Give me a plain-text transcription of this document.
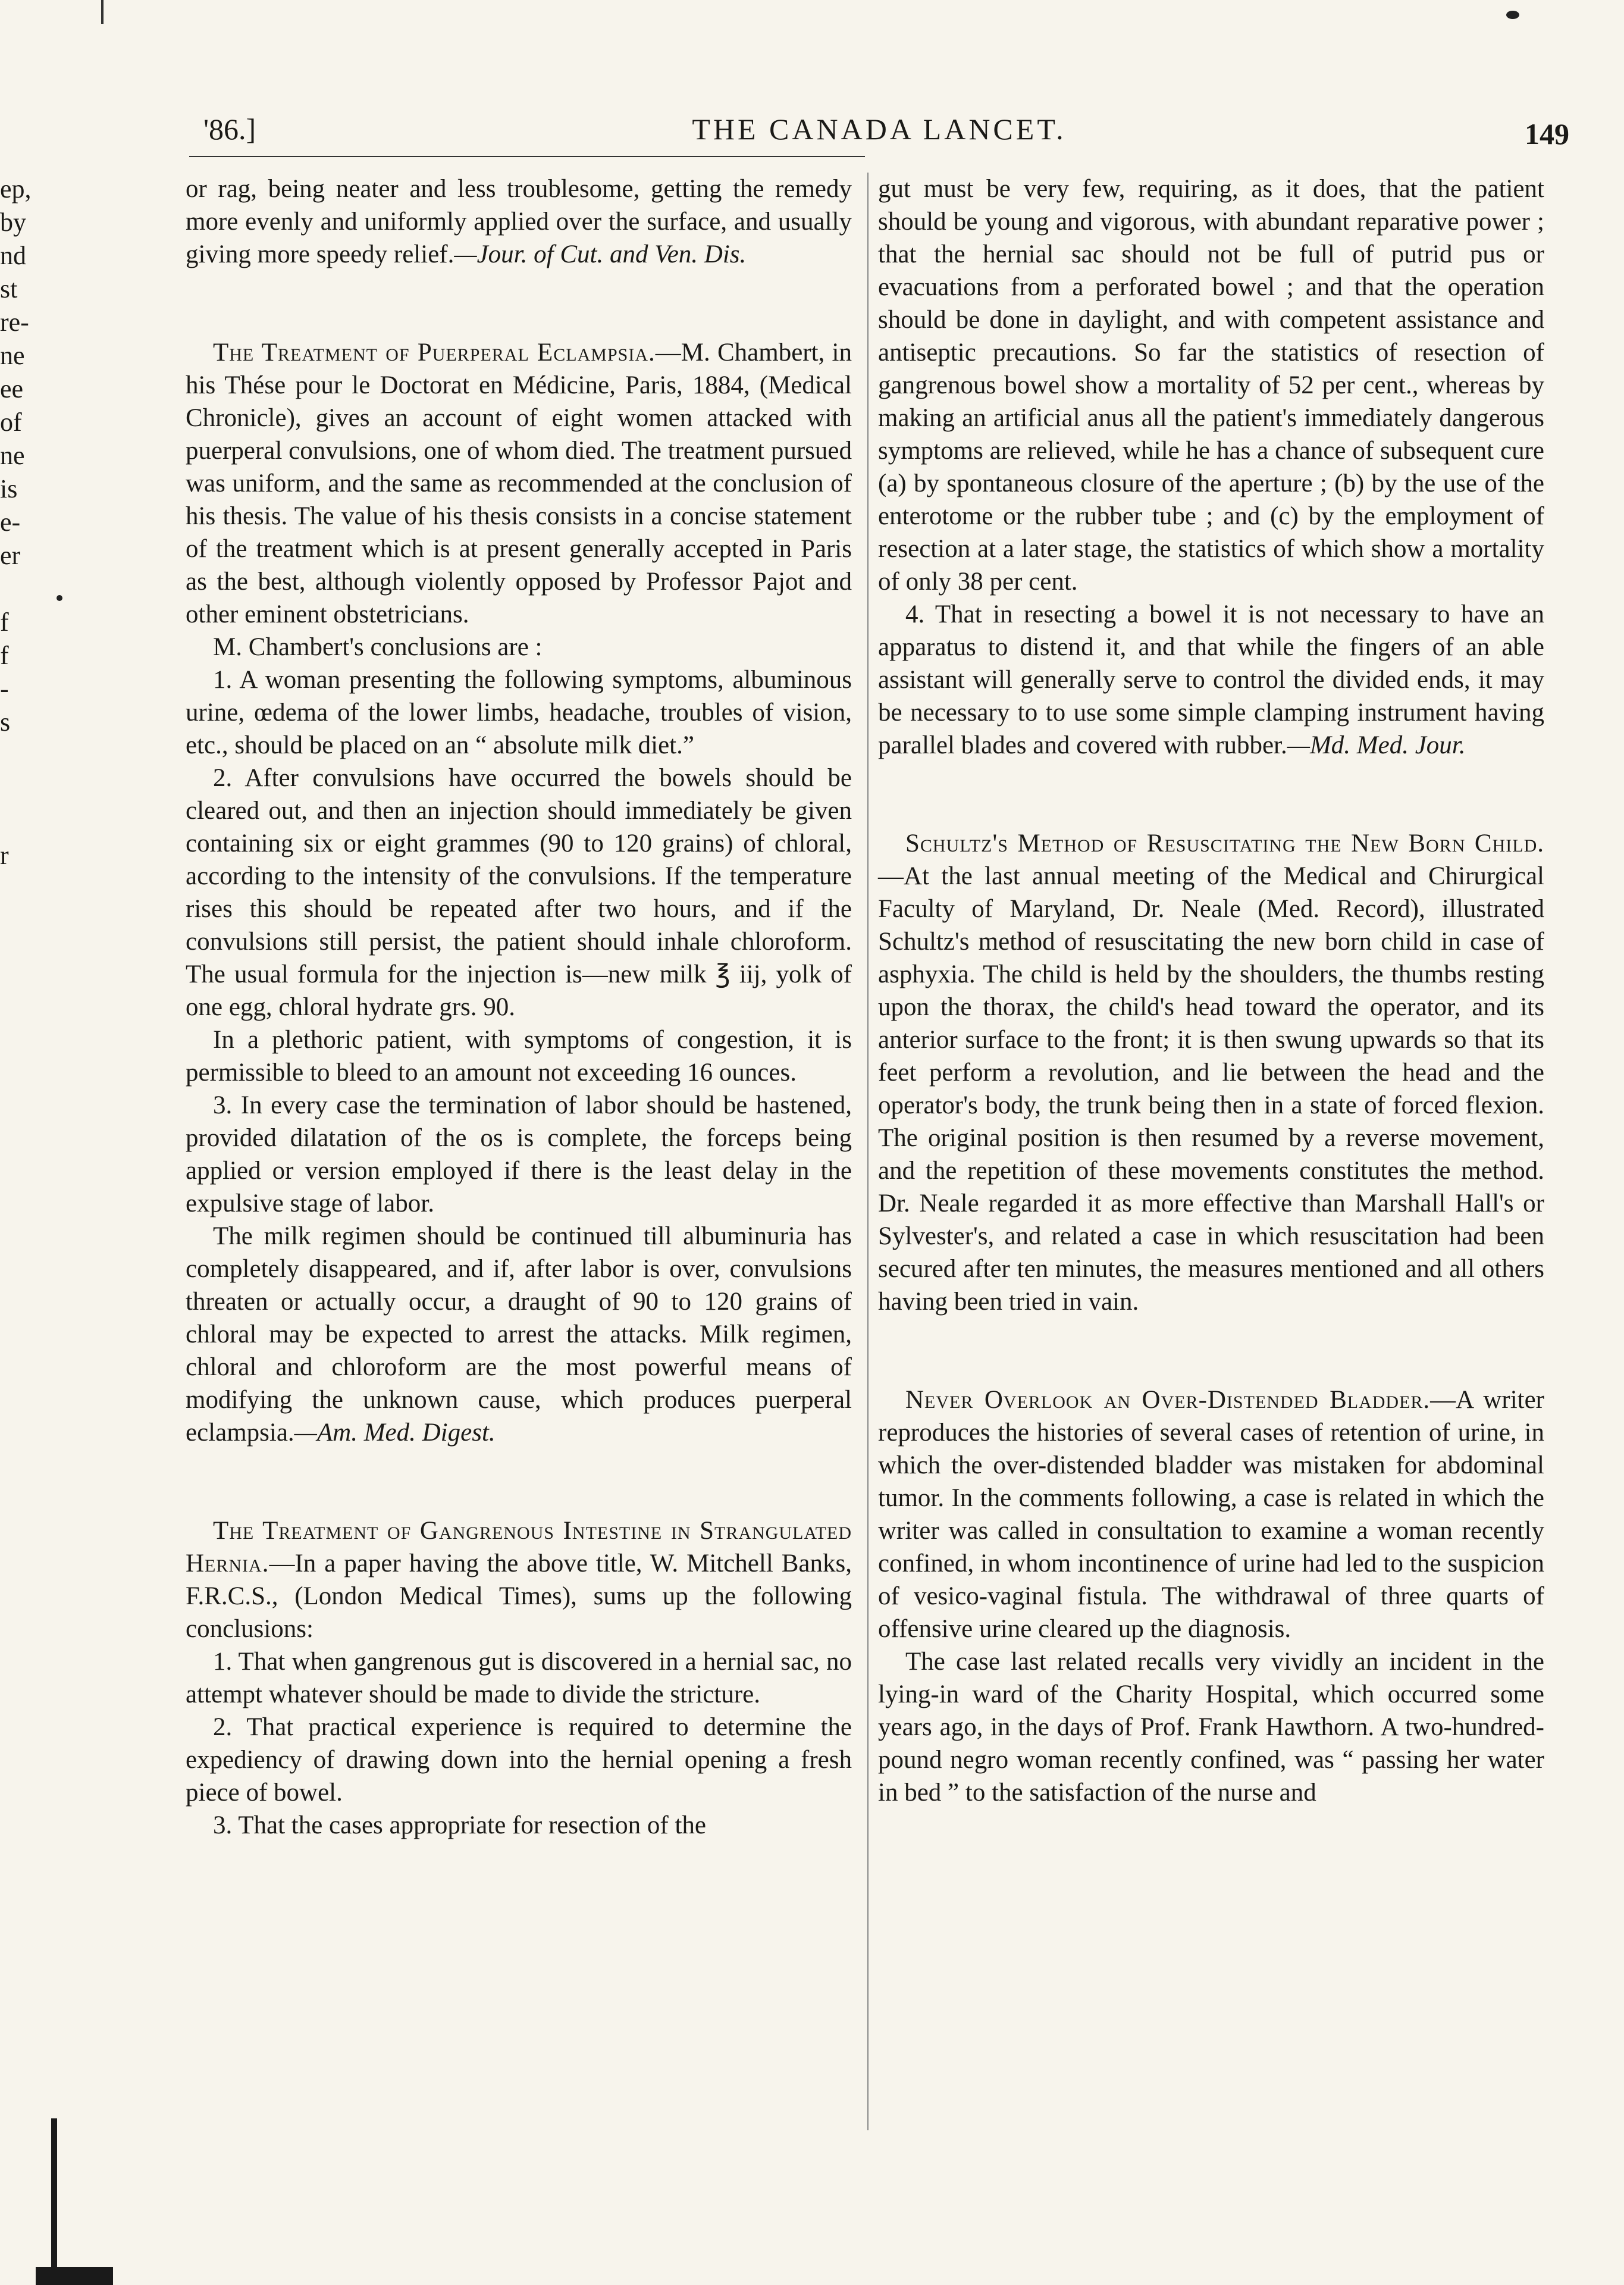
ep,
by
nd
st
re-
ne
ee
of
ne
is
e-
er
f
f
-
s
r
'86.]	THE CANADA LANCET.	149

or rag, being neater and less troublesome, getting the remedy more evenly and uniformly applied over the surface, and usually giving more speedy relief.—Jour. of Cut. and Ven. Dis.

The Treatment of Puerperal Eclampsia.—M. Chambert, in his Thése pour le Doctorat en Médicine, Paris, 1884, (Medical Chronicle), gives an account of eight women attacked with puerperal convulsions, one of whom died. The treatment pursued was uniform, and the same as recommended at the conclusion of his thesis. The value of his thesis consists in a concise statement of the treatment which is at present generally accepted in Paris as the best, although violently opposed by Professor Pajot and other eminent obstetricians.

M. Chambert's conclusions are :

1. A woman presenting the following symptoms, albuminous urine, œdema of the lower limbs, headache, troubles of vision, etc., should be placed on an “ absolute milk diet.”

2. After convulsions have occurred the bowels should be cleared out, and then an injection should immediately be given containing six or eight grammes (90 to 120 grains) of chloral, according to the intensity of the convulsions. If the temperature rises this should be repeated after two hours, and if the convulsions still persist, the patient should inhale chloroform. The usual formula for the injection is—new milk ℥ iij, yolk of one egg, chloral hydrate grs. 90.

In a plethoric patient, with symptoms of congestion, it is permissible to bleed to an amount not exceeding 16 ounces.

3. In every case the termination of labor should be hastened, provided dilatation of the os is complete, the forceps being applied or version employed if there is the least delay in the expulsive stage of labor.

The milk regimen should be continued till albuminuria has completely disappeared, and if, after labor is over, convulsions threaten or actually occur, a draught of 90 to 120 grains of chloral may be expected to arrest the attacks. Milk regimen, chloral and chloroform are the most powerful means of modifying the unknown cause, which produces puerperal eclampsia.—Am. Med. Digest.

The Treatment of Gangrenous Intestine in Strangulated Hernia.—In a paper having the above title, W. Mitchell Banks, F.R.C.S., (London Medical Times), sums up the following conclusions:

1. That when gangrenous gut is discovered in a hernial sac, no attempt whatever should be made to divide the stricture.

2. That practical experience is required to determine the expediency of drawing down into the hernial opening a fresh piece of bowel.

3. That the cases appropriate for resection of the

gut must be very few, requiring, as it does, that the patient should be young and vigorous, with abundant reparative power ; that the hernial sac should not be full of putrid pus or evacuations from a perforated bowel ; and that the operation should be done in daylight, and with competent assistance and antiseptic precautions. So far the statistics of resection of gangrenous bowel show a mortality of 52 per cent., whereas by making an artificial anus all the patient's immediately dangerous symptoms are relieved, while he has a chance of subsequent cure (a) by spontaneous closure of the aperture ; (b) by the use of the enterotome or the rubber tube ; and (c) by the employment of resection at a later stage, the statistics of which show a mortality of only 38 per cent.

4. That in resecting a bowel it is not necessary to have an apparatus to distend it, and that while the fingers of an able assistant will generally serve to control the divided ends, it may be necessary to to use some simple clamping instrument having parallel blades and covered with rubber.—Md. Med. Jour.

Schultz's Method of Resuscitating the New Born Child.—At the last annual meeting of the Medical and Chirurgical Faculty of Maryland, Dr. Neale (Med. Record), illustrated Schultz's method of resuscitating the new born child in case of asphyxia. The child is held by the shoulders, the thumbs resting upon the thorax, the child's head toward the operator, and its anterior surface to the front; it is then swung upwards so that its feet perform a revolution, and lie between the head and the operator's body, the trunk being then in a state of forced flexion. The original position is then resumed by a reverse movement, and the repetition of these movements constitutes the method. Dr. Neale regarded it as more effective than Marshall Hall's or Sylvester's, and related a case in which resuscitation had been secured after ten minutes, the measures mentioned and all others having been tried in vain.

Never Overlook an Over-Distended Bladder.—A writer reproduces the histories of several cases of retention of urine, in which the over-distended bladder was mistaken for abdominal tumor. In the comments following, a case is related in which the writer was called in consultation to examine a woman recently confined, in whom incontinence of urine had led to the suspicion of vesico-vaginal fistula. The withdrawal of three quarts of offensive urine cleared up the diagnosis.

The case last related recalls very vividly an incident in the lying-in ward of the Charity Hospital, which occurred some years ago, in the days of Prof. Frank Hawthorn. A two-hundred-pound negro woman recently confined, was “ passing her water in bed ” to the satisfaction of the nurse and
